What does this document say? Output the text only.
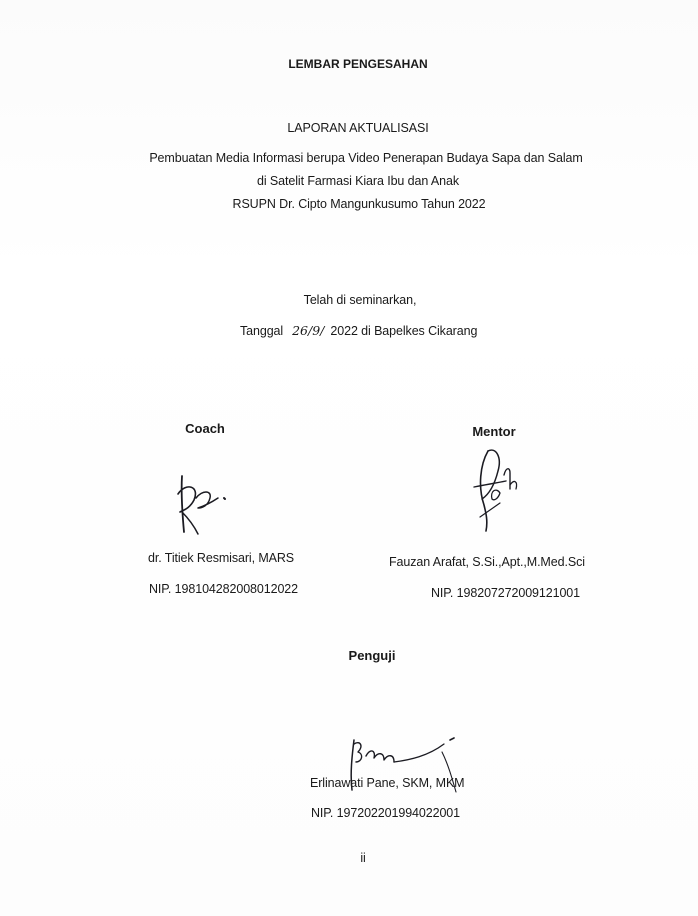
LEMBAR PENGESAHAN
LAPORAN AKTUALISASI
Pembuatan Media Informasi berupa Video Penerapan Budaya Sapa dan Salam
di Satelit Farmasi Kiara Ibu dan Anak
RSUPN Dr. Cipto Mangunkusumo Tahun 2022
Telah di seminarkan,
Tanggal 26/9/ 2022 di Bapelkes Cikarang
Coach
dr. Titiek Resmisari, MARS
NIP. 198104282008012022
Mentor
Fauzan Arafat, S.Si.,Apt.,M.Med.Sci
NIP. 198207272009121001
Penguji
Erlinawati Pane, SKM, MKM
NIP. 197202201994022001
ii
